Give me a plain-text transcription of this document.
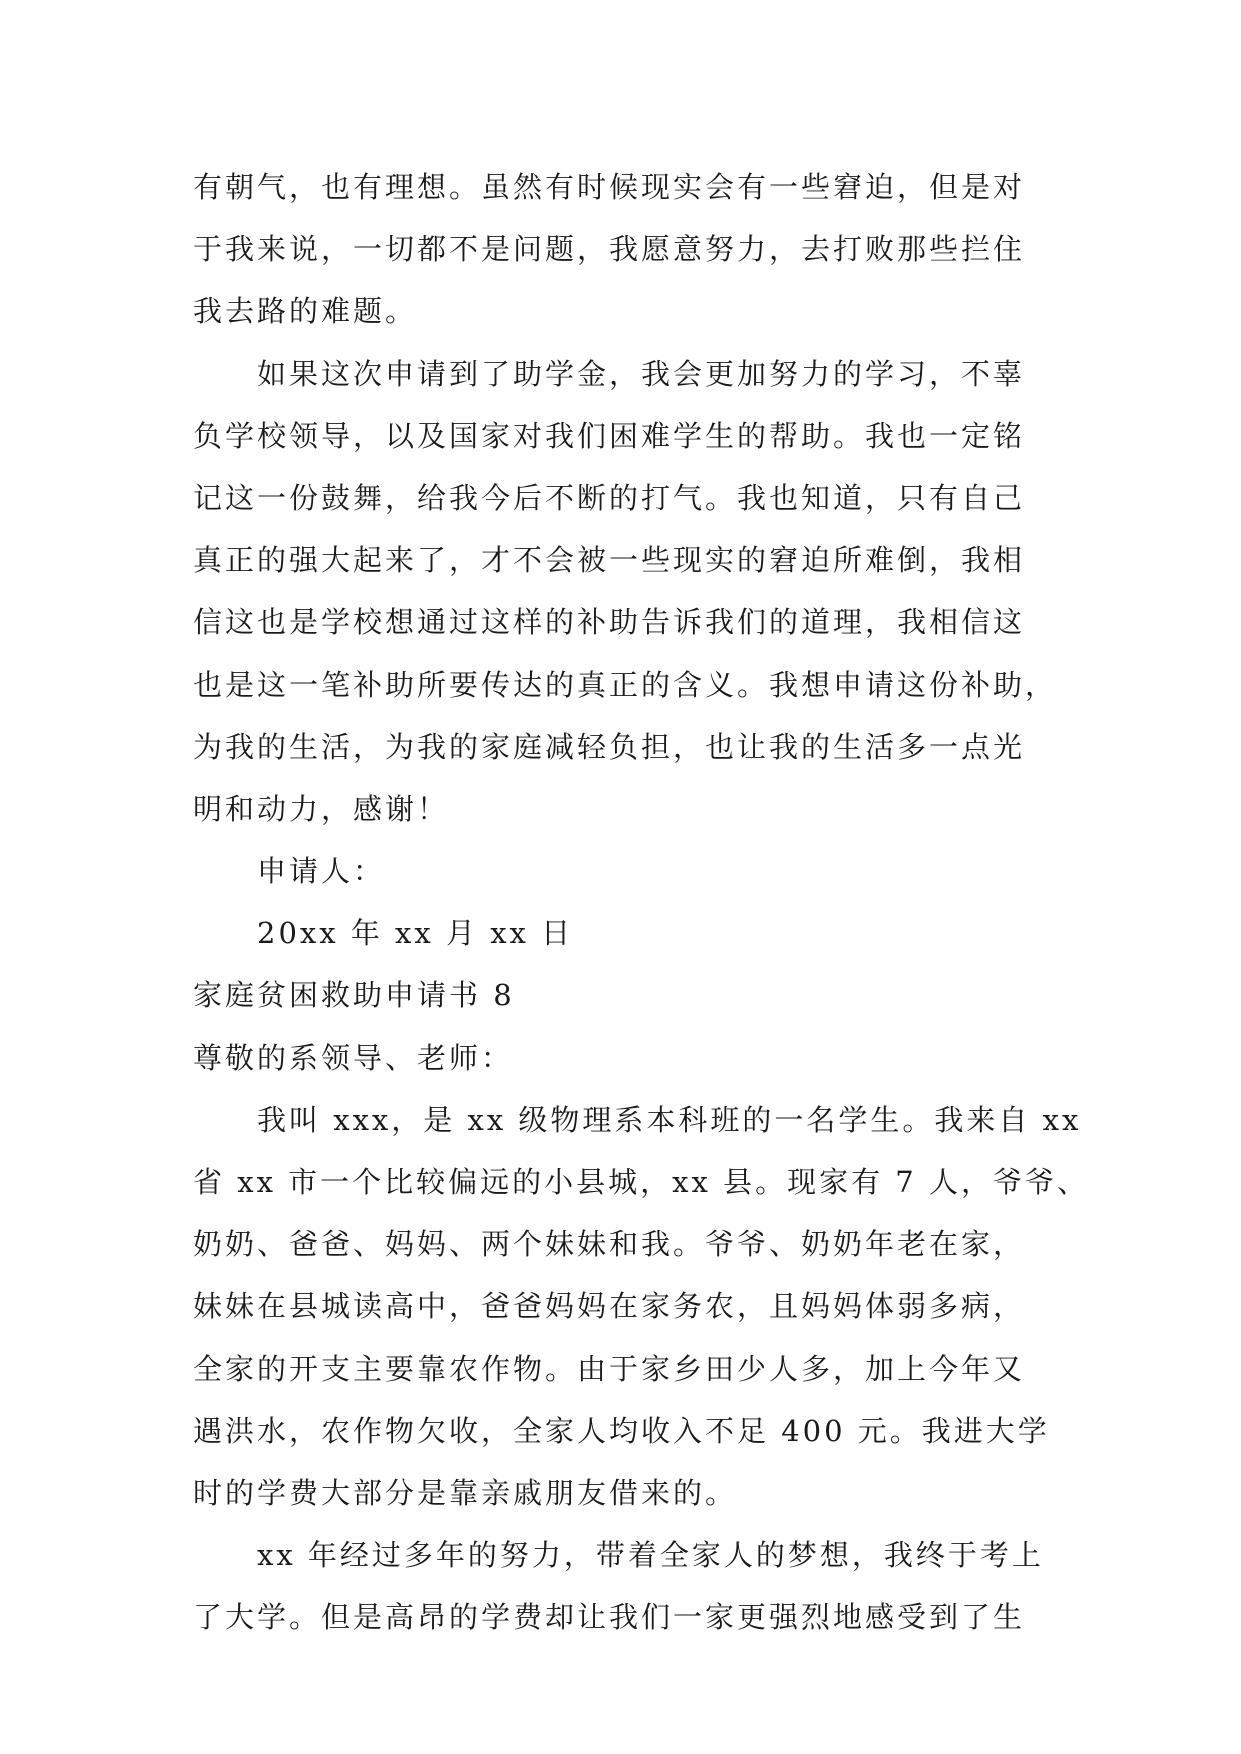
有朝气，也有理想。虽然有时候现实会有一些窘迫，但是对
于我来说，一切都不是问题，我愿意努力，去打败那些拦住
我去路的难题。
如果这次申请到了助学金，我会更加努力的学习，不辜
负学校领导，以及国家对我们困难学生的帮助。我也一定铭
记这一份鼓舞，给我今后不断的打气。我也知道，只有自己
真正的强大起来了，才不会被一些现实的窘迫所难倒，我相
信这也是学校想通过这样的补助告诉我们的道理，我相信这
也是这一笔补助所要传达的真正的含义。我想申请这份补助，
为我的生活，为我的家庭减轻负担，也让我的生活多一点光
明和动力，感谢！
申请人：
20xx 年 xx 月 xx 日
家庭贫困救助申请书 8
尊敬的系领导、老师：
我叫 xxx，是 xx 级物理系本科班的一名学生。我来自 xx
省 xx 市一个比较偏远的小县城，xx 县。现家有 7 人，爷爷、
奶奶、爸爸、妈妈、两个妹妹和我。爷爷、奶奶年老在家，
妹妹在县城读高中，爸爸妈妈在家务农，且妈妈体弱多病，
全家的开支主要靠农作物。由于家乡田少人多，加上今年又
遇洪水，农作物欠收，全家人均收入不足 400 元。我进大学
时的学费大部分是靠亲戚朋友借来的。
xx 年经过多年的努力，带着全家人的梦想，我终于考上
了大学。但是高昂的学费却让我们一家更强烈地感受到了生
